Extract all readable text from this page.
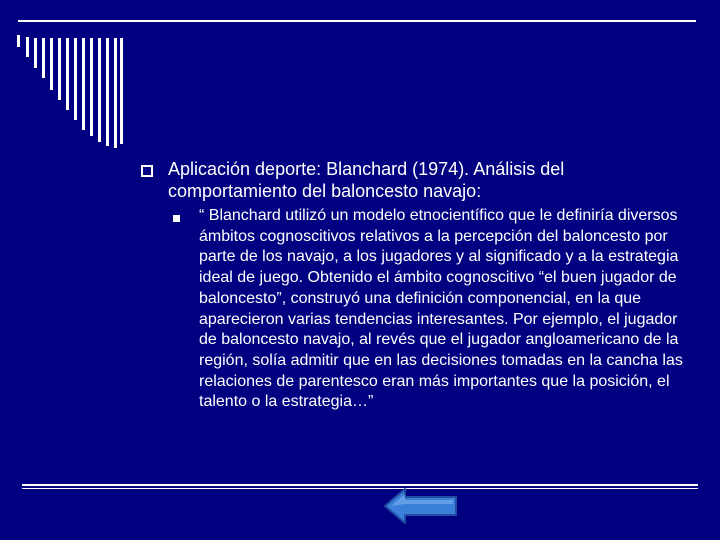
Aplicación deporte: Blanchard (1974). Análisis del comportamiento del baloncesto navajo:
“ Blanchard utilizó un modelo etnocientífico que le definiría diversos ámbitos cognoscitivos relativos a la percepción del baloncesto por parte de los navajo, a los jugadores y al significado y a la estrategia ideal de juego. Obtenido el ámbito cognoscitivo “el buen jugador de baloncesto”, construyó una definición componencial, en la que aparecieron varias tendencias interesantes. Por ejemplo, el jugador de baloncesto navajo, al revés que el jugador angloamericano de la región, solía admitir que en las decisiones tomadas en la cancha las relaciones de parentesco eran más importantes que la posición, el talento o la estrategia…”
